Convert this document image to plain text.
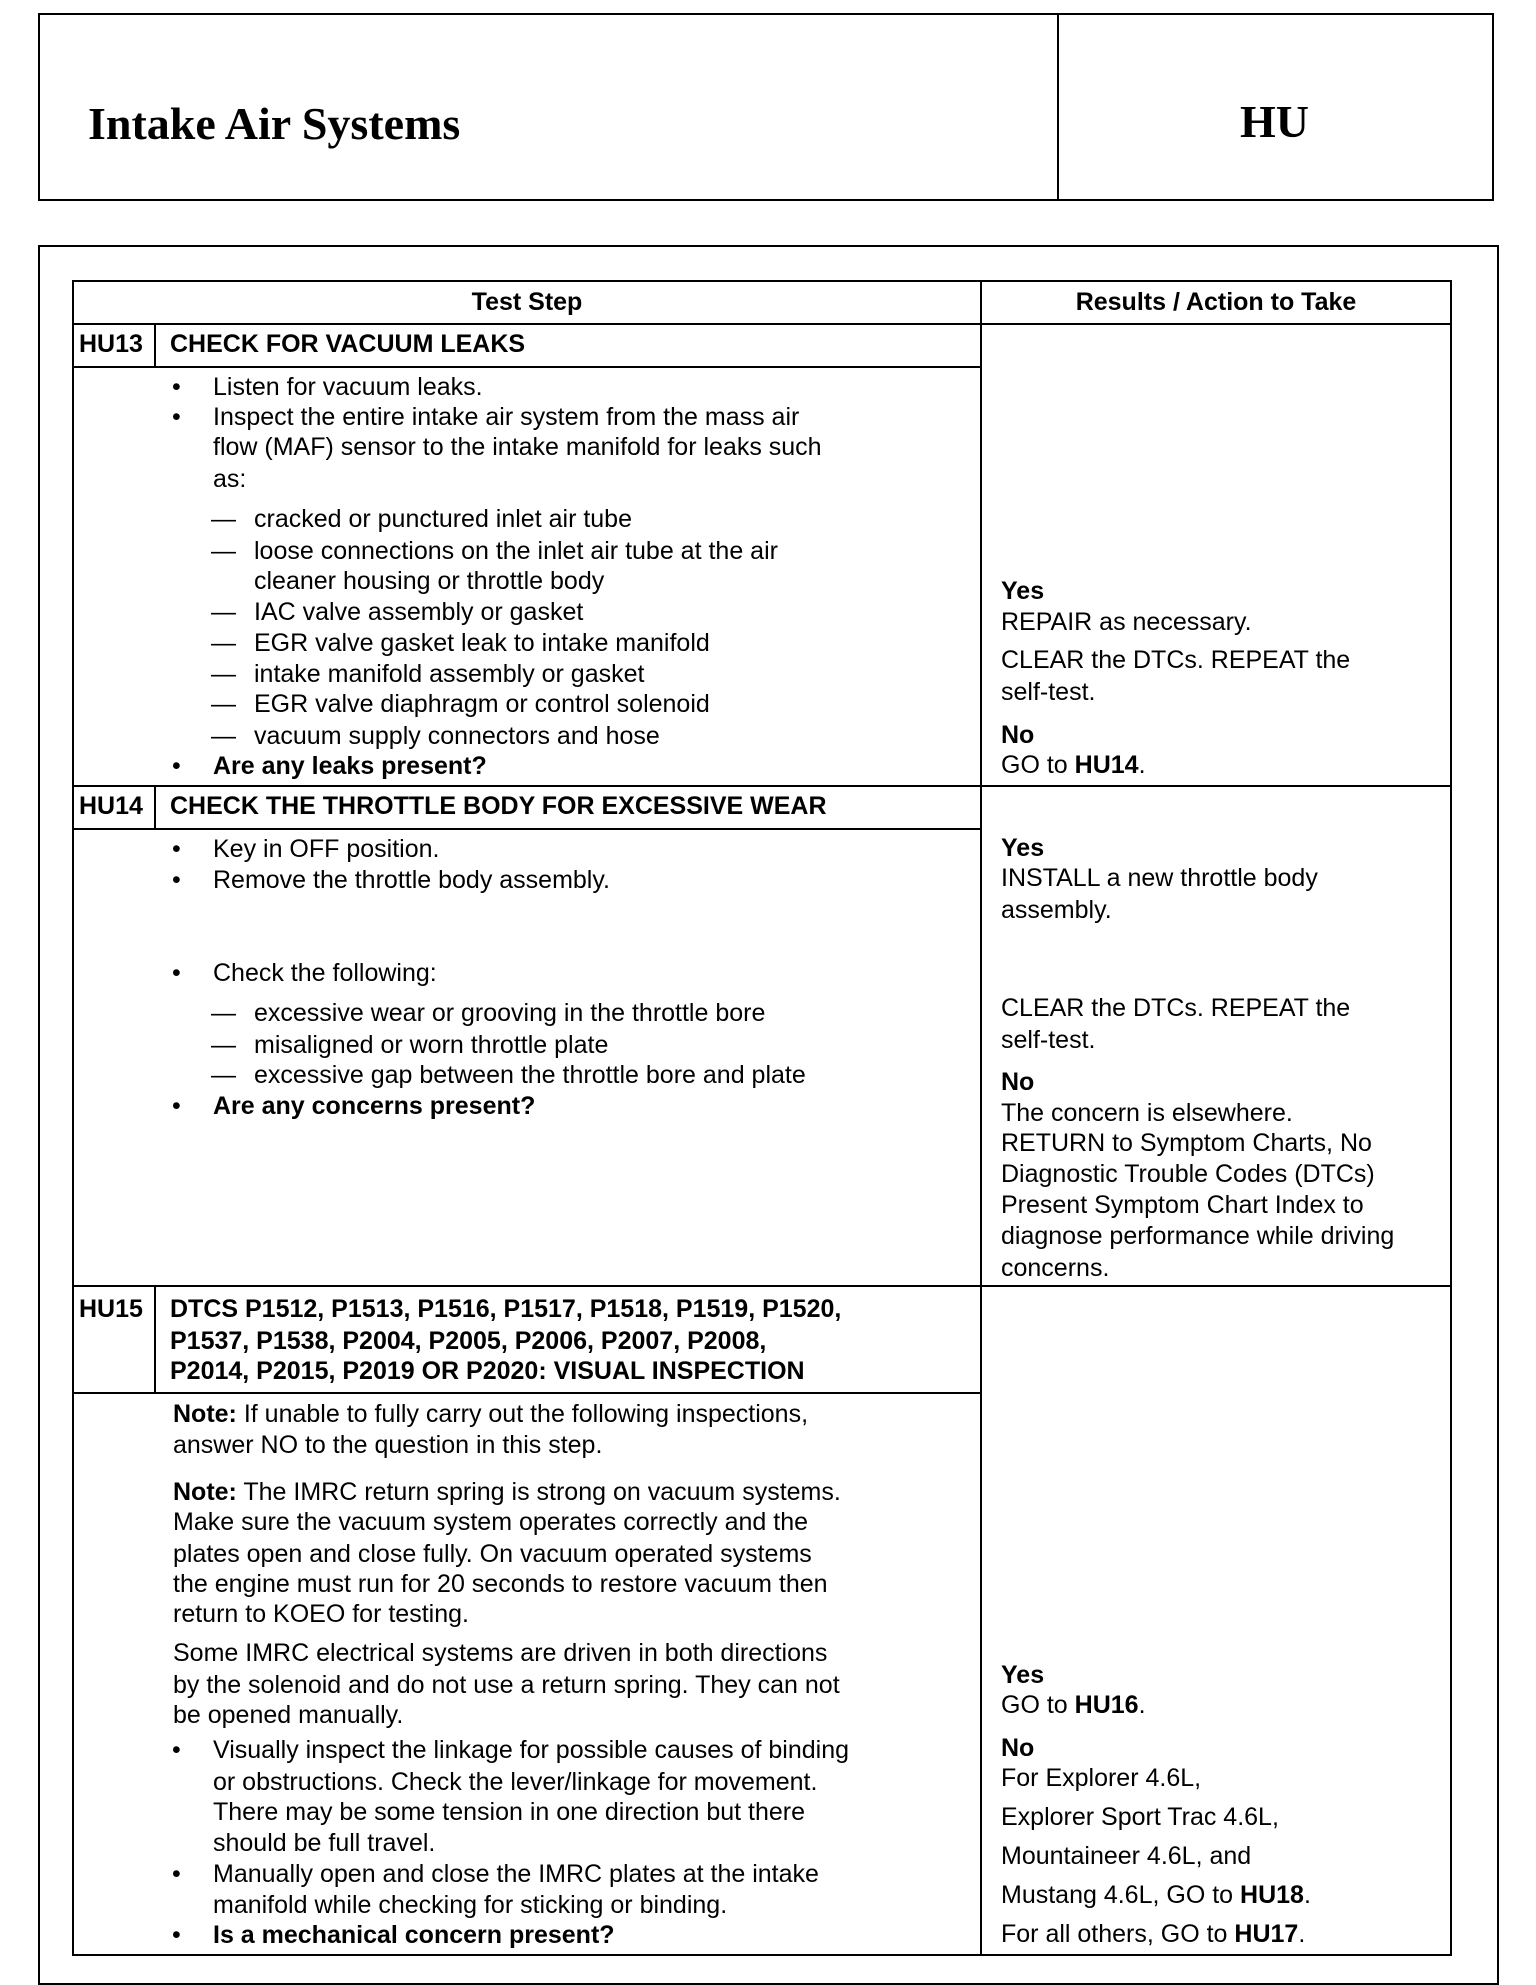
Intake Air Systems	HU
Test Step	Results / Action to Take
HU13 CHECK FOR VACUUM LEAKS
• Listen for vacuum leaks.
• Inspect the entire intake air system from the mass air
flow (MAF) sensor to the intake manifold for leaks such
as:
— cracked or punctured inlet air tube
— loose connections on the inlet air tube at the air
cleaner housing or throttle body
— IAC valve assembly or gasket
— EGR valve gasket leak to intake manifold
— intake manifold assembly or gasket
— EGR valve diaphragm or control solenoid
— vacuum supply connectors and hose
• Are any leaks present?
Yes
REPAIR as necessary.
CLEAR the DTCs. REPEAT the
self-test.
No
GO to HU14.
HU14 CHECK THE THROTTLE BODY FOR EXCESSIVE WEAR
• Key in OFF position.
• Remove the throttle body assembly.
• Check the following:
— excessive wear or grooving in the throttle bore
— misaligned or worn throttle plate
— excessive gap between the throttle bore and plate
• Are any concerns present?
Yes
INSTALL a new throttle body
assembly.
CLEAR the DTCs. REPEAT the
self-test.
No
The concern is elsewhere.
RETURN to Symptom Charts, No
Diagnostic Trouble Codes (DTCs)
Present Symptom Chart Index to
diagnose performance while driving
concerns.
HU15 DTCS P1512, P1513, P1516, P1517, P1518, P1519, P1520,
P1537, P1538, P2004, P2005, P2006, P2007, P2008,
P2014, P2015, P2019 OR P2020: VISUAL INSPECTION
Note: If unable to fully carry out the following inspections,
answer NO to the question in this step.
Note: The IMRC return spring is strong on vacuum systems.
Make sure the vacuum system operates correctly and the
plates open and close fully. On vacuum operated systems
the engine must run for 20 seconds to restore vacuum then
return to KOEO for testing.
Some IMRC electrical systems are driven in both directions
by the solenoid and do not use a return spring. They can not
be opened manually.
• Visually inspect the linkage for possible causes of binding
or obstructions. Check the lever/linkage for movement.
There may be some tension in one direction but there
should be full travel.
• Manually open and close the IMRC plates at the intake
manifold while checking for sticking or binding.
• Is a mechanical concern present?
Yes
GO to HU16.
No
For Explorer 4.6L,
Explorer Sport Trac 4.6L,
Mountaineer 4.6L, and
Mustang 4.6L, GO to HU18.
For all others, GO to HU17.
